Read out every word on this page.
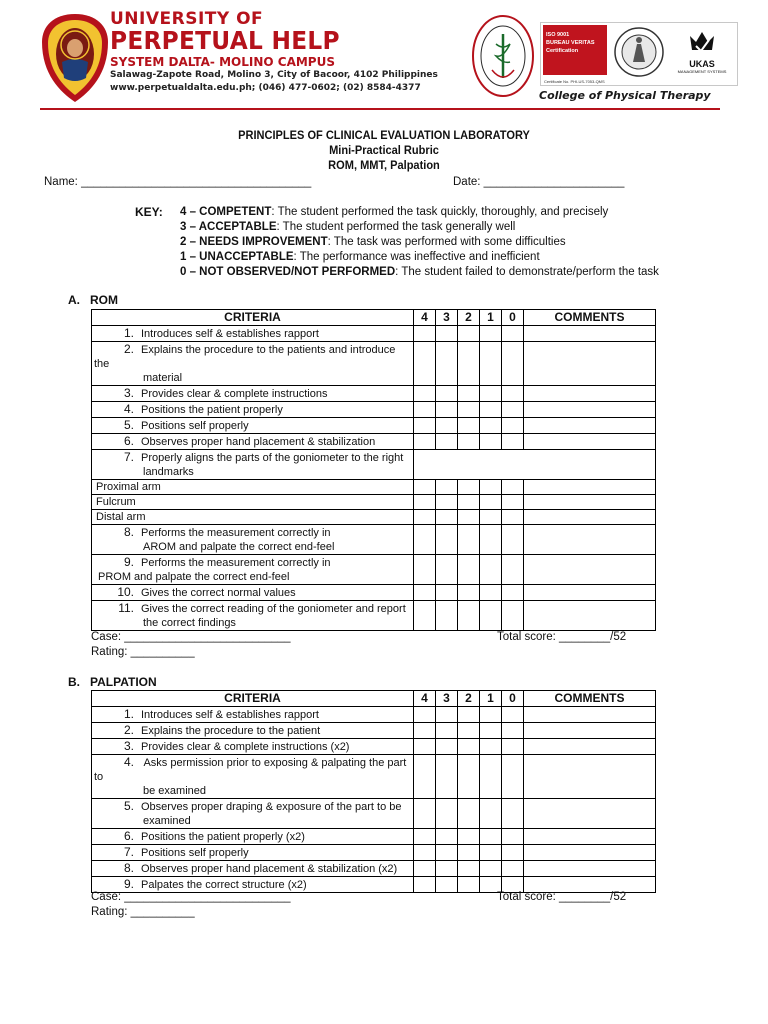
UNIVERSITY OF
PERPETUAL HELP
SYSTEM DALTA- MOLINO CAMPUS
Salawag-Zapote Road, Molino 3, City of Bacoor, 4102 Philippines
www.perpetualdalta.edu.ph; (046) 477-0602; (02) 8584-4377
ISO 9001
BUREAU VERITAS
Certification
Certificate No. PHI-US-7053-QMS
UKAS
MANAGEMENT SYSTEMS
College of Physical Therapy
PRINCIPLES OF CLINICAL EVALUATION LABORATORY
Mini-Practical Rubric
ROM, MMT, Palpation
Name: ____________________________________	Date: ______________________
KEY: 4 – COMPETENT: The student performed the task quickly, thoroughly, and precisely
3 – ACCEPTABLE: The student performed the task generally well
2 – NEEDS IMPROVEMENT: The task was performed with some difficulties
1 – UNACCEPTABLE: The performance was ineffective and inefficient
0 – NOT OBSERVED/NOT PERFORMED: The student failed to demonstrate/perform the task
A. ROM
CRITERIA	4	3	2	1	0	COMMENTS
1. Introduces self & establishes rapport						
2. Explains the procedure to the patients and introduce the
material						

3. Provides clear & complete instructions						
4. Positions the patient properly						
5. Positions self properly						
6. Observes proper hand placement & stabilization						
7. Properly aligns the parts of the goniometer to the right
landmarks						

Proximal arm						
Fulcrum						
Distal arm						
8. Performs the measurement correctly in
AROM and palpate the correct end-feel						

9. Performs the measurement correctly in
PROM and palpate the correct end-feel						

10. Gives the correct normal values						
11. Gives the correct reading of the goniometer and report
the correct findings						

Case: __________________________
Rating: __________
Total score: ________/52
B. PALPATION
CRITERIA	4	3	2	1	0	COMMENTS
1. Introduces self & establishes rapport						
2. Explains the procedure to the patient						
3. Provides clear & complete instructions (x2)						
4. Asks permission prior to exposing & palpating the part to
be examined						

5. Observes proper draping & exposure of the part to be
examined						

6. Positions the patient properly (x2)						
7. Positions self properly						
8. Observes proper hand placement & stabilization (x2)						
9. Palpates the correct structure (x2)						
Case: __________________________
Rating: __________
Total score: ________/52
